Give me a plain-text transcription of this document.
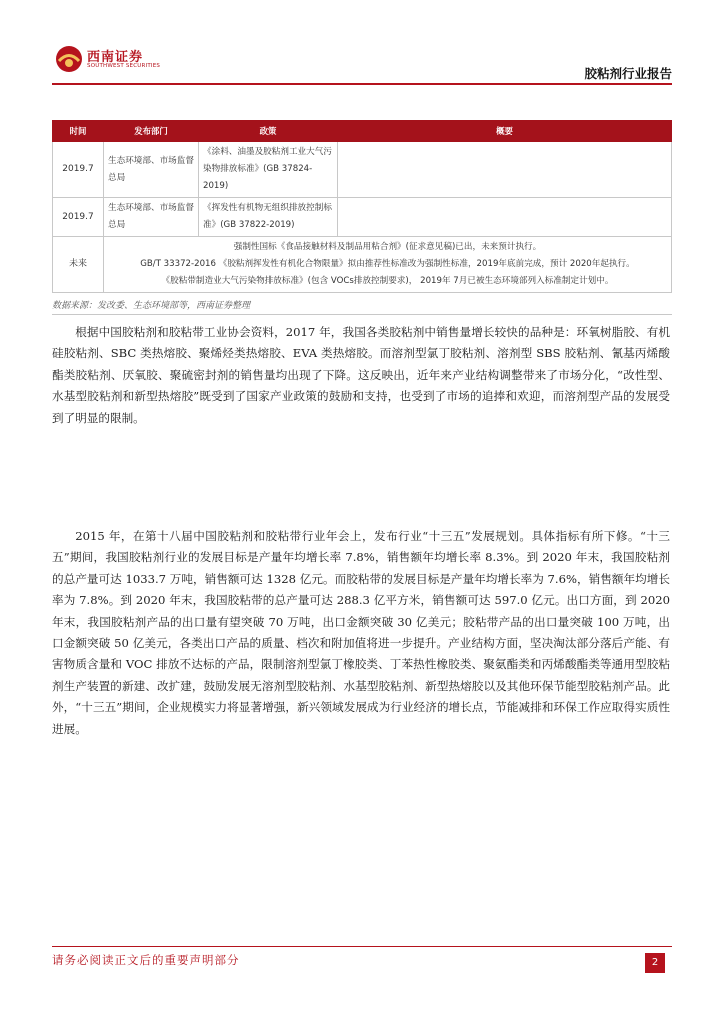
西南证券
SOUTHWEST SECURITIES	胶粘剂行业报告
时间	发布部门	政策	概要
2019.7	生态环境部、市场监督总局	《涂料、油墨及胶粘剂工业大气污染物排放标准》(GB 37824-2019)	
2019.7	生态环境部、市场监督总局	《挥发性有机物无组织排放控制标准》(GB 37822-2019)	
未来	强制性国标《食品接触材料及制品用粘合剂》(征求意见稿)已出，未来预计执行。
GB/T 33372-2016 《胶粘剂挥发性有机化合物限量》拟由推荐性标准改为强制性标准，2019年底前完成，预计 2020年起执行。
《胶粘带制造业大气污染物排放标准》(包含 VOCs排放控制要求)， 2019年 7月已被生态环境部列入标准制定计划中。		
数据来源：发改委、生态环境部等，西南证券整理

根据中国胶粘剂和胶粘带工业协会资料，2017 年，我国各类胶粘剂中销售量增长较快的品种是：环氧树脂胶、有机硅胶粘剂、SBC 类热熔胶、聚烯烃类热熔胶、EVA 类热熔胶。而溶剂型氯丁胶粘剂、溶剂型 SBS 胶粘剂、氰基丙烯酸酯类胶粘剂、厌氧胶、聚硫密封剂的销售量均出现了下降。这反映出，近年来产业结构调整带来了市场分化，“改性型、水基型胶粘剂和新型热熔胶”既受到了国家产业政策的鼓励和支持，也受到了市场的追捧和欢迎，而溶剂型产品的发展受到了明显的限制。

2015 年，在第十八届中国胶粘剂和胶粘带行业年会上，发布行业“十三五”发展规划。具体指标有所下修。“十三五”期间，我国胶粘剂行业的发展目标是产量年均增长率 7.8%，销售额年均增长率 8.3%。到 2020 年末，我国胶粘剂的总产量可达 1033.7 万吨，销售额可达 1328 亿元。而胶粘带的发展目标是产量年均增长率为 7.6%，销售额年均增长率为 7.8%。到 2020 年末，我国胶粘带的总产量可达 288.3 亿平方米，销售额可达 597.0 亿元。出口方面，到 2020 年末，我国胶粘剂产品的出口量有望突破 70 万吨，出口金额突破 30 亿美元；胶粘带产品的出口量突破 100 万吨，出口金额突破 50 亿美元，各类出口产品的质量、档次和附加值将进一步提升。产业结构方面，坚决淘汰部分落后产能、有害物质含量和 VOC 排放不达标的产品，限制溶剂型氯丁橡胶类、丁苯热性橡胶类、聚氨酯类和丙烯酸酯类等通用型胶粘剂生产装置的新建、改扩建，鼓励发展无溶剂型胶粘剂、水基型胶粘剂、新型热熔胶以及其他环保节能型胶粘剂产品。此外，“十三五”期间，企业规模实力将显著增强，新兴领域发展成为行业经济的增长点，节能减排和环保工作应取得实质性进展。

请务必阅读正文后的重要声明部分	2
